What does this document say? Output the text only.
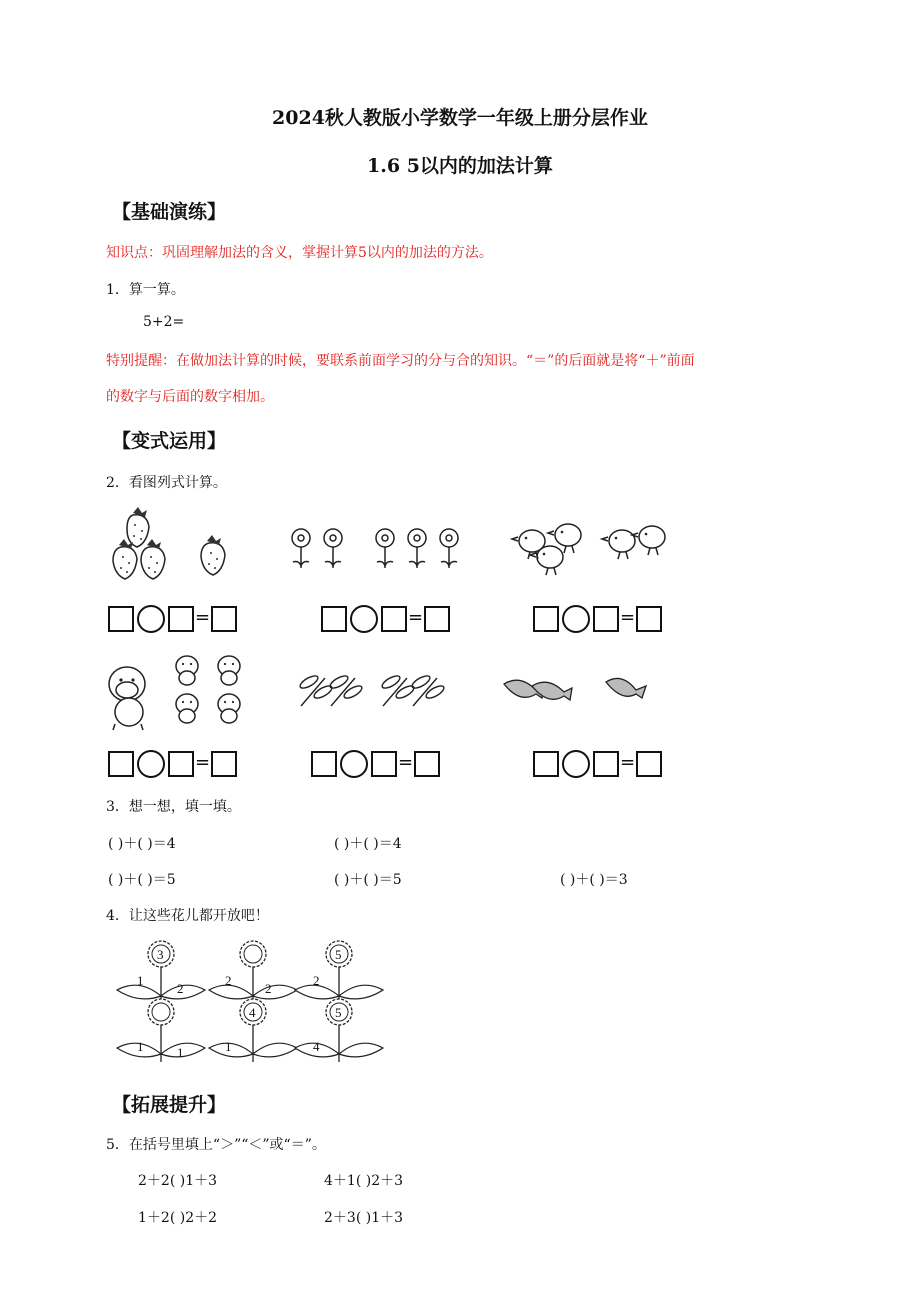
2024秋人教版小学数学一年级上册分层作业
1.6 5以内的加法计算
【基础演练】
知识点：巩固理解加法的含义，掌握计算5以内的加法的方法。
1．算一算。
5+2=
特别提醒：在做加法计算的时候，要联系前面学习的分与合的知识。“＝”的后面就是将“＋”前面
的数字与后面的数字相加。
【变式运用】
2．看图列式计算。
=	=	=
=	=	=
3．想一想，填一填。
( )＋( )＝4	( )＋( )＝4
( )＋( )＝5	( )＋( )＝5	( )＋( )＝3
4．让这些花儿都开放吧！
3
1
2
2
2
5
2
1	1
4
1
5
4
【拓展提升】
5．在括号里填上“＞”“＜”或“＝”。
2＋2( )1＋3	4＋1( )2＋3
1＋2( )2＋2	2＋3( )1＋3
